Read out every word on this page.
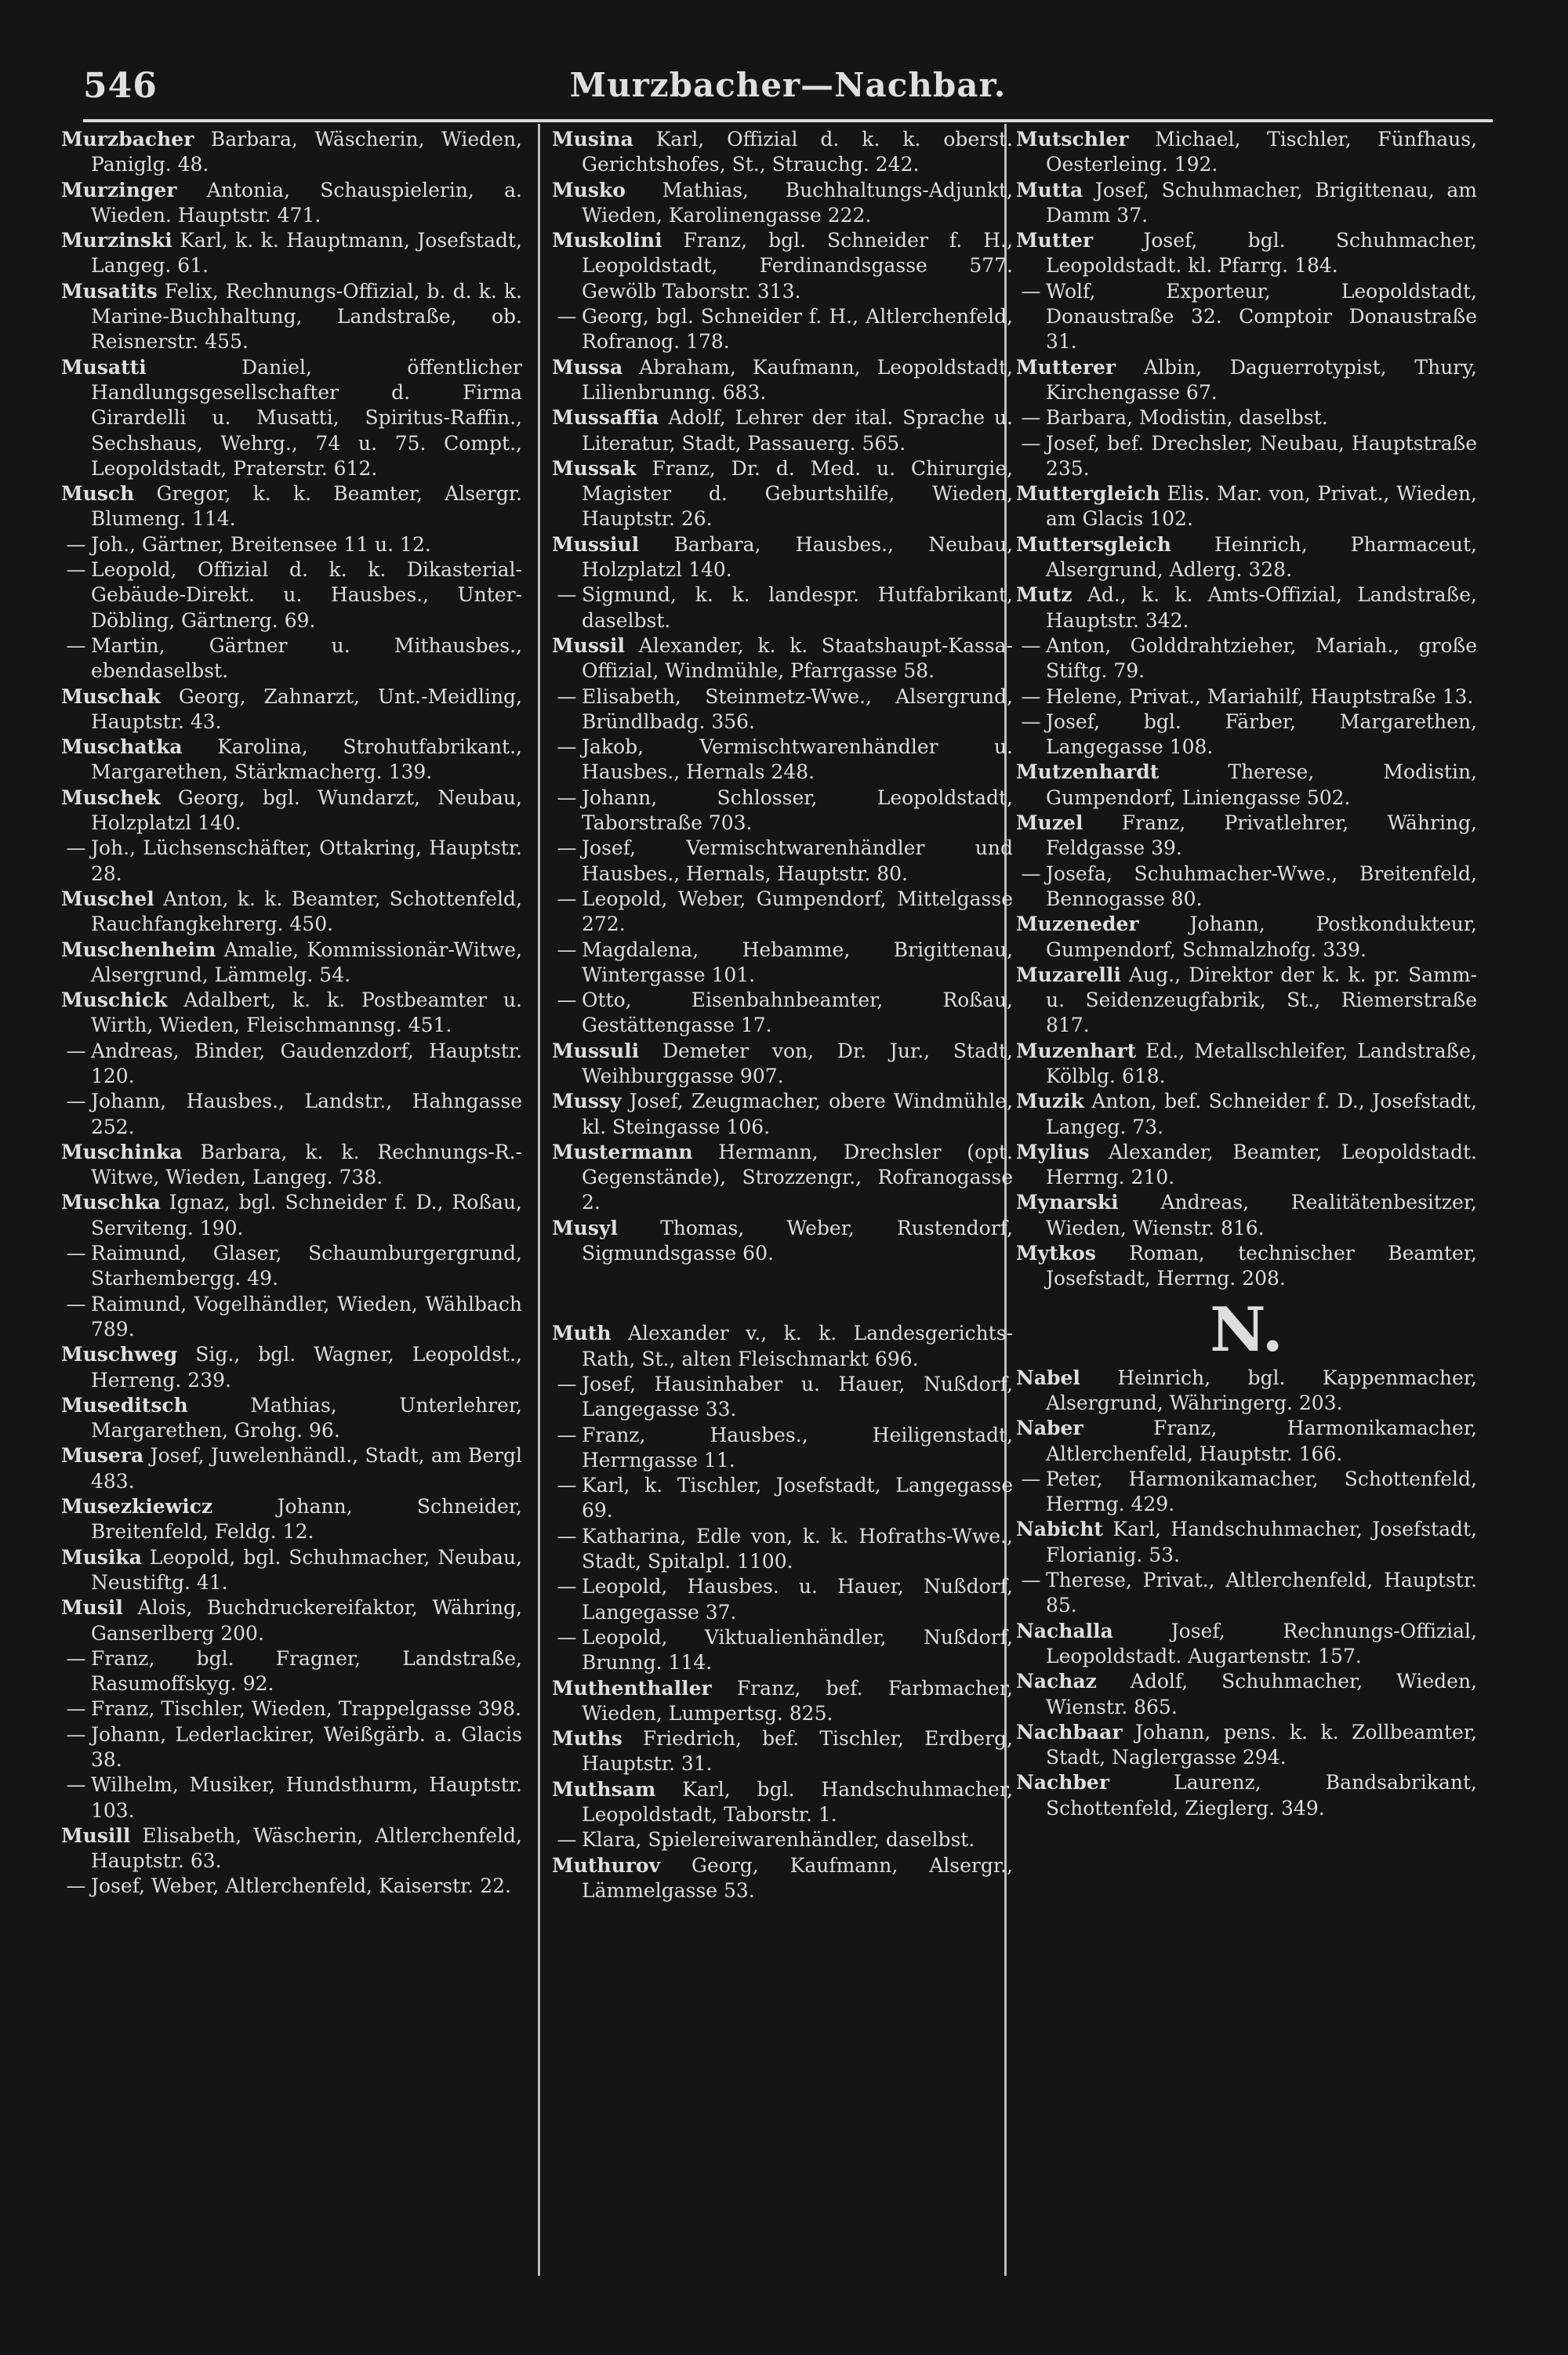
546	Murzbacher—Nachbar.

Murzbacher Barbara, Wäscherin, Wieden, Paniglg. 48.

Murzinger Antonia, Schauspielerin, a. Wieden. Hauptstr. 471.

Murzinski Karl, k. k. Hauptmann, Josefstadt, Langeg. 61.

Musatits Felix, Rechnungs-Offizial, b. d. k. k. Marine-Buchhaltung, Landstraße, ob. Reisnerstr. 455.

Musatti	Daniel, öffentlicher Handlungsgesellschafter d. Firma Girardelli u. Musatti, Spiritus-Raffin., Sechshaus, Wehrg., 74 u. 75. Compt., Leopoldstadt, Praterstr. 612.

Musch Gregor, k. k. Beamter, Alsergr. Blumeng. 114.

— Joh., Gärtner, Breitensee 11 u. 12.

— Leopold, Offizial d. k. k. Dikasterial-Gebäude-Direkt. u. Hausbes., Unter-Döbling, Gärtnerg. 69.

— Martin, Gärtner u. Mithausbes., ebendaselbst.

Muschak Georg, Zahnarzt, Unt.-Meidling, Hauptstr. 43.

Muschatka Karolina, Strohutfabrikant., Margarethen, Stärkmacherg. 139.

Muschek Georg, bgl. Wundarzt, Neubau, Holzplatzl 140.

— Joh., Lüchsenschäfter, Ottakring, Hauptstr. 28.

Muschel Anton, k. k. Beamter, Schottenfeld, Rauchfangkehrerg. 450.

Muschenheim Amalie, Kommissionär-Witwe, Alsergrund, Lämmelg. 54.

Muschick Adalbert, k. k. Postbeamter u. Wirth, Wieden, Fleischmannsg. 451.

— Andreas, Binder, Gaudenzdorf, Hauptstr. 120.

— Johann, Hausbes., Landstr., Hahngasse 252.

Muschinka Barbara, k. k. Rechnungs-R.-Witwe, Wieden, Langeg. 738.

Muschka Ignaz, bgl. Schneider f. D., Roßau, Serviteng. 190.

— Raimund, Glaser, Schaumburgergrund, Starhembergg. 49.

— Raimund, Vogelhändler, Wieden, Wählbach 789.

Muschweg Sig., bgl. Wagner, Leopoldst., Herreng. 239.

Museditsch	Mathias, Unterlehrer, Margarethen, Grohg. 96.

Musera Josef, Juwelenhändl., Stadt, am Bergl 483.

Musezkiewicz	Johann, Schneider, Breitenfeld, Feldg. 12.

Musika Leopold, bgl. Schuhmacher, Neubau, Neustiftg. 41.

Musil Alois, Buchdruckereifaktor, Währing, Ganserlberg 200.

— Franz, bgl. Fragner, Landstraße, Rasumoffskyg. 92.

— Franz, Tischler, Wieden, Trappelgasse 398.

— Johann, Lederlackirer, Weißgärb. a. Glacis 38.

— Wilhelm, Musiker, Hundsthurm, Hauptstr. 103.

Musill Elisabeth, Wäscherin, Altlerchenfeld, Hauptstr. 63.

— Josef, Weber, Altlerchenfeld, Kaiserstr. 22.

Musina Karl, Offizial d. k. k. oberst. Gerichtshofes, St., Strauchg. 242.

Musko Mathias, Buchhaltungs-Adjunkt, Wieden, Karolinengasse 222.

Muskolini Franz, bgl. Schneider f. H., Leopoldstadt, Ferdinandsgasse 577. Gewölb Taborstr. 313.

— Georg, bgl. Schneider f. H., Altlerchenfeld, Rofranog. 178.

Mussa Abraham, Kaufmann, Leopoldstadt, Lilienbrunng. 683.

Mussaffia Adolf, Lehrer der ital. Sprache u. Literatur, Stadt, Passauerg. 565.

Mussak Franz, Dr. d. Med. u. Chirurgie, Magister d. Geburtshilfe, Wieden, Hauptstr. 26.

Mussiul Barbara, Hausbes., Neubau, Holzplatzl 140.

— Sigmund, k. k. landespr. Hutfabrikant, daselbst.

Mussil Alexander, k. k. Staatshaupt-Kassa-Offizial, Windmühle, Pfarrgasse 58.

— Elisabeth, Steinmetz-Wwe., Alsergrund, Bründlbadg. 356.

— Jakob, Vermischtwarenhändler u. Hausbes., Hernals 248.

— Johann, Schlosser, Leopoldstadt, Taborstraße 703.

— Josef, Vermischtwarenhändler und Hausbes., Hernals, Hauptstr. 80.

— Leopold, Weber, Gumpendorf, Mittelgasse 272.

— Magdalena, Hebamme, Brigittenau, Wintergasse 101.

— Otto, Eisenbahnbeamter, Roßau, Gestättengasse 17.

Mussuli Demeter von, Dr. Jur., Stadt, Weihburggasse 907.

Mussy Josef, Zeugmacher, obere Windmühle, kl. Steingasse 106.

Mustermann Hermann, Drechsler (opt. Gegenstände), Strozzengr., Rofranogasse 2.

Musyl Thomas, Weber, Rustendorf, Sigmundsgasse 60.

Muth Alexander v., k. k. Landesgerichts-Rath, St., alten Fleischmarkt 696.

— Josef, Hausinhaber u. Hauer, Nußdorf, Langegasse 33.

— Franz, Hausbes., Heiligenstadt, Herrngasse 11.

— Karl, k. Tischler, Josefstadt, Langegasse 69.

— Katharina, Edle von, k. k. Hofraths-Wwe., Stadt, Spitalpl. 1100.

— Leopold, Hausbes. u. Hauer, Nußdorf, Langegasse 37.

— Leopold, Viktualienhändler, Nußdorf, Brunng. 114.

Muthenthaller Franz, bef. Farbmacher, Wieden, Lumpertsg. 825.

Muths Friedrich, bef. Tischler, Erdberg, Hauptstr. 31.

Muthsam Karl, bgl. Handschuhmacher, Leopoldstadt, Taborstr. 1.

— Klara, Spielereiwarenhändler, daselbst.

Muthurov Georg, Kaufmann, Alsergr., Lämmelgasse 53.

Mutschler Michael, Tischler, Fünfhaus, Oesterleing. 192.

Mutta Josef, Schuhmacher, Brigittenau, am Damm 37.

Mutter	Josef, bgl. Schuhmacher, Leopoldstadt. kl. Pfarrg. 184.

— Wolf, Exporteur, Leopoldstadt, Donaustraße 32. Comptoir Donaustraße 31.

Mutterer Albin, Daguerrotypist, Thury, Kirchengasse 67.

— Barbara, Modistin, daselbst.

— Josef, bef. Drechsler, Neubau, Hauptstraße 235.

Muttergleich Elis. Mar. von, Privat., Wieden, am Glacis 102.

Muttersgleich Heinrich, Pharmaceut, Alsergrund, Adlerg. 328.

Mutz Ad., k. k. Amts-Offizial, Landstraße, Hauptstr. 342.

— Anton, Golddrahtzieher, Mariah., große Stiftg. 79.

— Helene, Privat., Mariahilf, Hauptstraße 13.

— Josef, bgl. Färber, Margarethen, Langegasse 108.

Mutzenhardt	Therese, Modistin, Gumpendorf, Liniengasse 502.

Muzel Franz, Privatlehrer, Währing, Feldgasse 39.

— Josefa, Schuhmacher-Wwe., Breitenfeld, Bennogasse 80.

Muzeneder	Johann, Postkondukteur, Gumpendorf, Schmalzhofg. 339.

Muzarelli Aug., Direktor der k. k. pr. Samm- u. Seidenzeugfabrik, St., Riemerstraße 817.

Muzenhart Ed., Metallschleifer, Landstraße, Kölblg. 618.

Muzik Anton, bef. Schneider f. D., Josefstadt, Langeg. 73.

Mylius Alexander, Beamter, Leopoldstadt. Herrng. 210.

Mynarski Andreas, Realitätenbesitzer, Wieden, Wienstr. 816.

Mytkos Roman, technischer Beamter, Josefstadt, Herrng. 208.

N.

Nabel Heinrich, bgl. Kappenmacher, Alsergrund, Währingerg. 203.

Naber	Franz, Harmonikamacher, Altlerchenfeld, Hauptstr. 166.

— Peter, Harmonikamacher, Schottenfeld, Herrng. 429.

Nabicht Karl, Handschuhmacher, Josefstadt, Florianig. 53.

— Therese, Privat., Altlerchenfeld, Hauptstr. 85.

Nachalla	Josef, Rechnungs-Offizial, Leopoldstadt. Augartenstr. 157.

Nachaz Adolf, Schuhmacher, Wieden, Wienstr. 865.

Nachbaar Johann, pens. k. k. Zollbeamter, Stadt, Naglergasse 294.

Nachber	Laurenz, Bandsabrikant, Schottenfeld, Zieglerg. 349.
